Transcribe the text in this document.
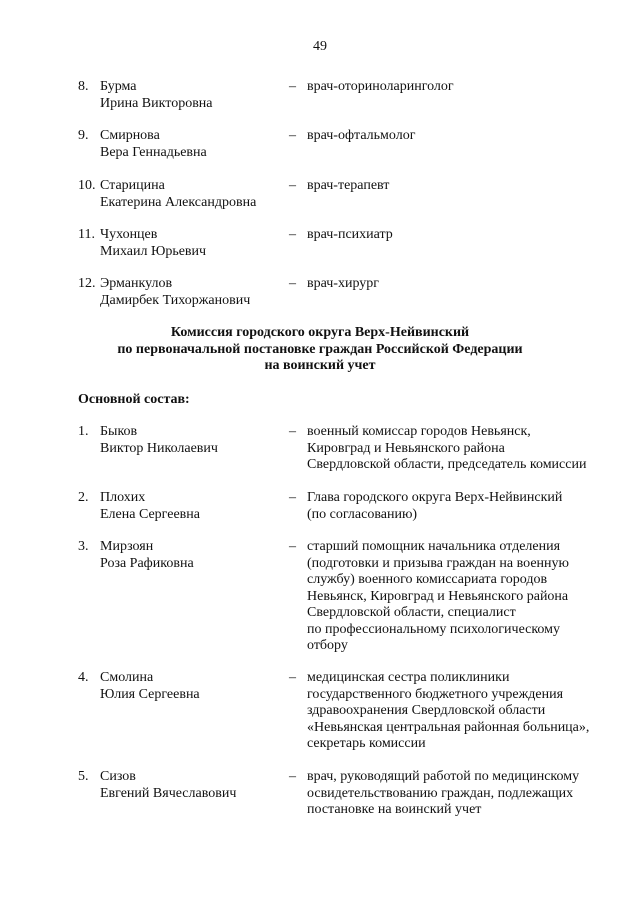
49
8. Бурма
Ирина Викторовна
– врач-оториноларинголог
9. Смирнова
Вера Геннадьевна
– врач-офтальмолог
10. Старицина
Екатерина Александровна
– врач-терапевт
11. Чухонцев
Михаил Юрьевич
– врач-психиатр
12. Эрманкулов
Дамирбек Тихоржанович
– врач-хирург
Комиссия городского округа Верх-Нейвинский
по первоначальной постановке граждан Российской Федерации
на воинский учет
Основной состав:
1. Быков
Виктор Николаевич
– военный комиссар городов Невьянск,
Кировград и Невьянского района
Свердловской области, председатель комиссии
2. Плохих
Елена Сергеевна
– Глава городского округа Верх-Нейвинский
(по согласованию)
3. Мирзоян
Роза Рафиковна
– старший помощник начальника отделения
(подготовки и призыва граждан на военную
службу) военного комиссариата городов
Невьянск, Кировград и Невьянского района
Свердловской области, специалист
по профессиональному психологическому
отбору
4. Смолина
Юлия Сергеевна
– медицинская сестра поликлиники
государственного бюджетного учреждения
здравоохранения Свердловской области
«Невьянская центральная районная больница»,
секретарь комиссии
5. Сизов
Евгений Вячеславович
– врач, руководящий работой по медицинскому
освидетельствованию граждан, подлежащих
постановке на воинский учет
